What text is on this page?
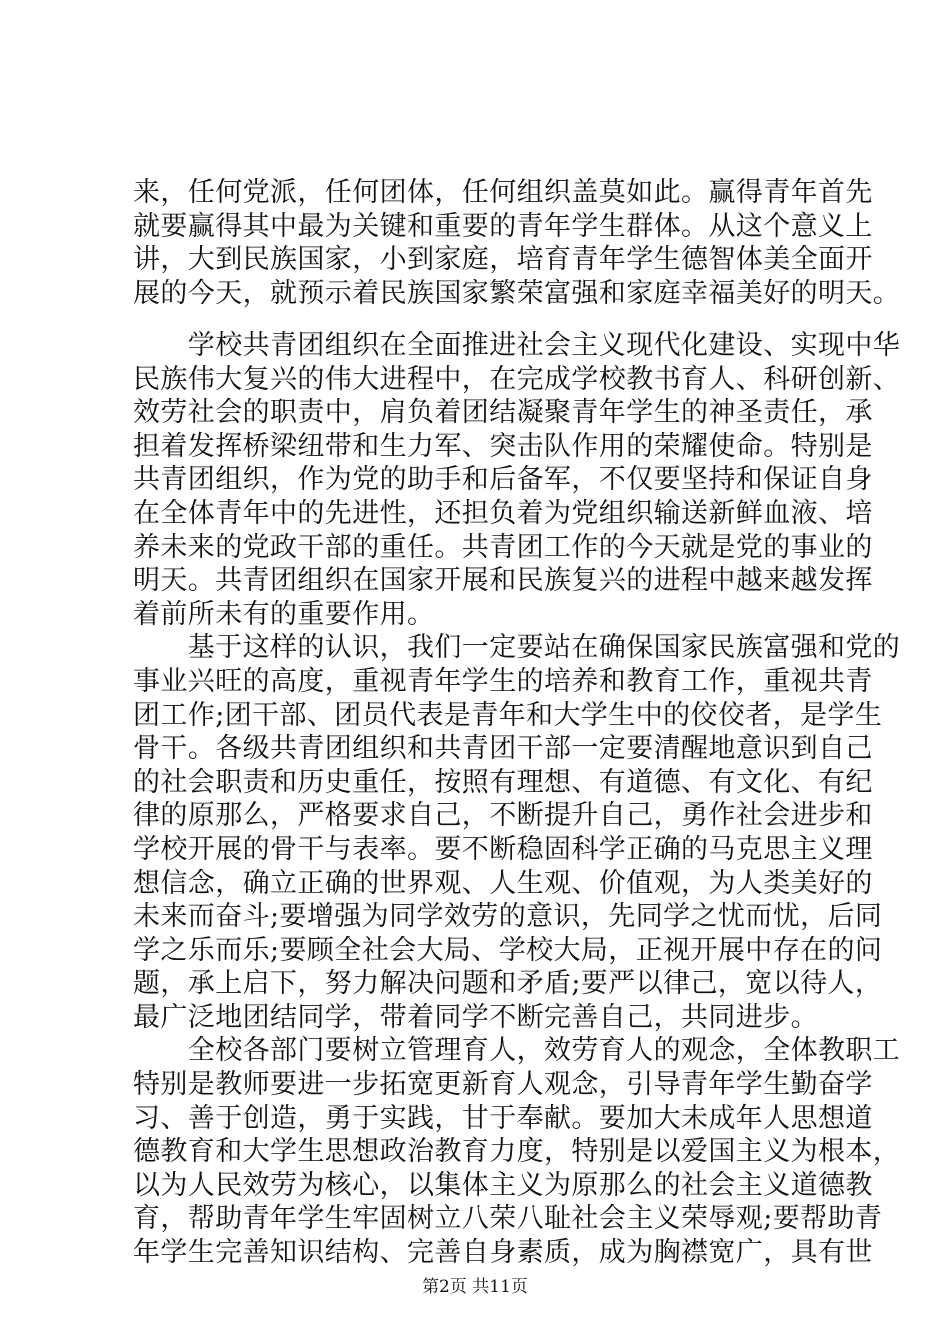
来，任何党派，任何团体，任何组织盖莫如此。赢得青年首先

就要赢得其中最为关键和重要的青年学生群体。从这个意义上

讲，大到民族国家，小到家庭，培育青年学生德智体美全面开

展的今天，就预示着民族国家繁荣富强和家庭幸福美好的明天。

　　学校共青团组织在全面推进社会主义现代化建设、实现中华

民族伟大复兴的伟大进程中，在完成学校教书育人、科研创新、

效劳社会的职责中，肩负着团结凝聚青年学生的神圣责任，承

担着发挥桥梁纽带和生力军、突击队作用的荣耀使命。特别是

共青团组织，作为党的助手和后备军，不仅要坚持和保证自身

在全体青年中的先进性，还担负着为党组织输送新鲜血液、培

养未来的党政干部的重任。共青团工作的今天就是党的事业的

明天。共青团组织在国家开展和民族复兴的进程中越来越发挥

着前所未有的重要作用。

　　基于这样的认识，我们一定要站在确保国家民族富强和党的

事业兴旺的高度，重视青年学生的培养和教育工作，重视共青

团工作;团干部、团员代表是青年和大学生中的佼佼者，是学生

骨干。各级共青团组织和共青团干部一定要清醒地意识到自己

的社会职责和历史重任，按照有理想、有道德、有文化、有纪

律的原那么，严格要求自己，不断提升自己，勇作社会进步和

学校开展的骨干与表率。要不断稳固科学正确的马克思主义理

想信念，确立正确的世界观、人生观、价值观，为人类美好的

未来而奋斗;要增强为同学效劳的意识，先同学之忧而忧，后同

学之乐而乐;要顾全社会大局、学校大局，正视开展中存在的问

题，承上启下，努力解决问题和矛盾;要严以律己，宽以待人，

最广泛地团结同学，带着同学不断完善自己，共同进步。

　　全校各部门要树立管理育人，效劳育人的观念，全体教职工

特别是教师要进一步拓宽更新育人观念，引导青年学生勤奋学

习、善于创造，勇于实践，甘于奉献。要加大未成年人思想道

德教育和大学生思想政治教育力度，特别是以爱国主义为根本，

以为人民效劳为核心，以集体主义为原那么的社会主义道德教

育，帮助青年学生牢固树立八荣八耻社会主义荣辱观;要帮助青

年学生完善知识结构、完善自身素质，成为胸襟宽广，具有世

第2页 共11页
